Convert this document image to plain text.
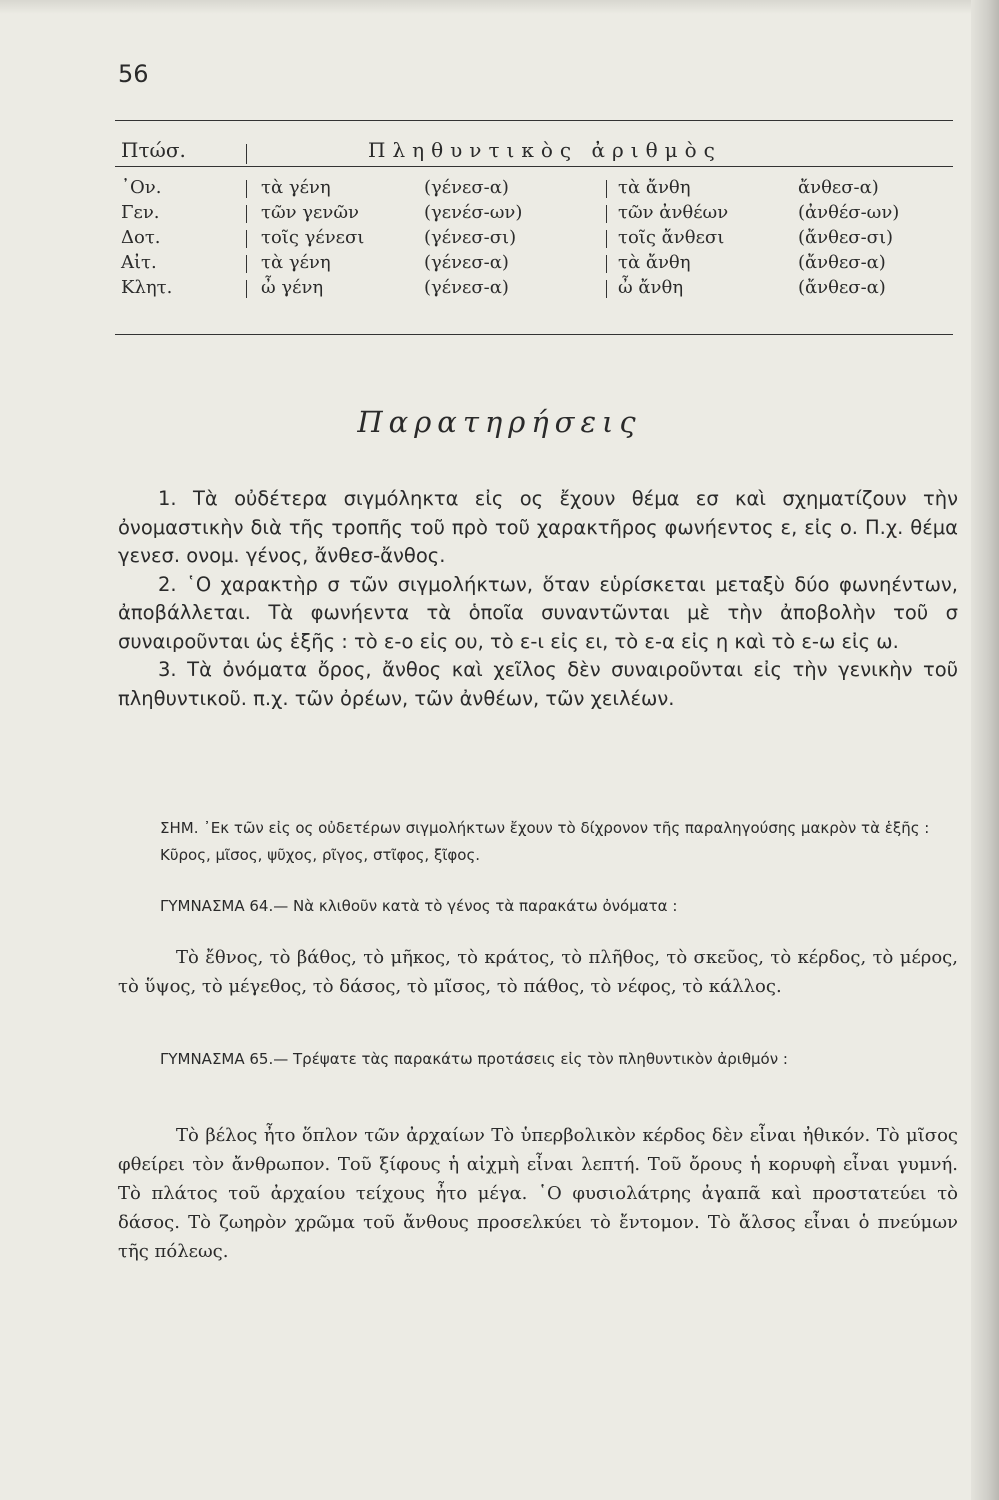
56
Πτώσ.	Πληθυντικὸς ἀριθμὸς
᾿Ον.	τὰ γένη	(γένεσ-α)	τὰ ἄνθη	ἄνθεσ-α)
Γεν.	τῶν γενῶν	(γενέσ-ων)	τῶν ἀνθέων	(ἀνθέσ-ων)
Δοτ.	τοῖς γένεσι	(γένεσ-σι)	τοῖς ἄνθεσι	(ἄνθεσ-σι)
Αἰτ.	τὰ γένη	(γένεσ-α)	τὰ ἄνθη	(ἄνθεσ-α)
Κλητ.	ὦ γένη	(γένεσ-α)	ὦ ἄνθη	(ἄνθεσ-α)
Παρατηρήσεις

1. Τὰ οὐδέτερα σιγμόληκτα εἰς ος ἔχουν θέμα εσ καὶ σχηματίζουν τὴν ὀνομαστικὴν διὰ τῆς τροπῆς τοῦ πρὸ τοῦ χαρακτῆρος φωνήεντος ε, εἰς ο. Π.χ. θέμα γενεσ. ονομ. γένος, ἄνθεσ-ἄνθος.

2. ῾Ο χαρακτὴρ σ τῶν σιγμολήκτων, ὅταν εὑρίσκεται μεταξὺ δύο φωνηέντων, ἀποβάλλεται. Τὰ φωνήεντα τὰ ὁποῖα συναντῶνται μὲ τὴν ἀποβολὴν τοῦ σ συναιροῦνται ὡς ἑξῆς : τὸ ε-ο εἰς ου, τὸ ε-ι εἰς ει, τὸ ε-α εἰς η καὶ τὸ ε-ω εἰς ω.

3. Τὰ ὀνόματα ὄρος, ἄνθος καὶ χεῖλος δὲν συναιροῦνται εἰς τὴν γενικὴν τοῦ πληθυντικοῦ. π.χ. τῶν ὀρέων, τῶν ἀνθέων, τῶν χειλέων.

ΣΗΜ. ᾿Εκ τῶν εἰς ος οὐδετέρων σιγμολήκτων ἔχουν τὸ δίχρονον τῆς παραληγούσης μακρὸν τὰ ἑξῆς : Κῦρος, μῖσος, ψῦχος, ρῖγος, στῖφος, ξῖφος.

ΓΥΜΝΑΣΜΑ 64.— Νὰ κλιθοῦν κατὰ τὸ γένος τὰ παρακάτω ὀνόματα :

Τὸ ἔθνος, τὸ βάθος, τὸ μῆκος, τὸ κράτος, τὸ πλῆθος, τὸ σκεῦος, τὸ κέρδος, τὸ μέρος, τὸ ὕψος, τὸ μέγεθος, τὸ δάσος, τὸ μῖσος, τὸ πάθος, τὸ νέφος, τὸ κάλλος.

ΓΥΜΝΑΣΜΑ 65.— Τρέψατε τὰς παρακάτω προτάσεις εἰς τὸν πληθυντικὸν ἀριθμόν :

Τὸ βέλος ἦτο ὅπλον τῶν ἀρχαίων Τὸ ὑπερβολικὸν κέρδος δὲν εἶναι ἠθικόν. Τὸ μῖσος φθείρει τὸν ἄνθρωπον. Τοῦ ξίφους ἡ αἰχμὴ εἶναι λεπτή. Τοῦ ὄρους ἡ κορυφὴ εἶναι γυμνή. Τὸ πλάτος τοῦ ἀρχαίου τείχους ἦτο μέγα. ῾Ο φυσιολάτρης ἀγαπᾶ καὶ προστατεύει τὸ δάσος. Τὸ ζωηρὸν χρῶμα τοῦ ἄνθους προσελκύει τὸ ἔντομον. Τὸ ἄλσος εἶναι ὁ πνεύμων τῆς πόλεως.
